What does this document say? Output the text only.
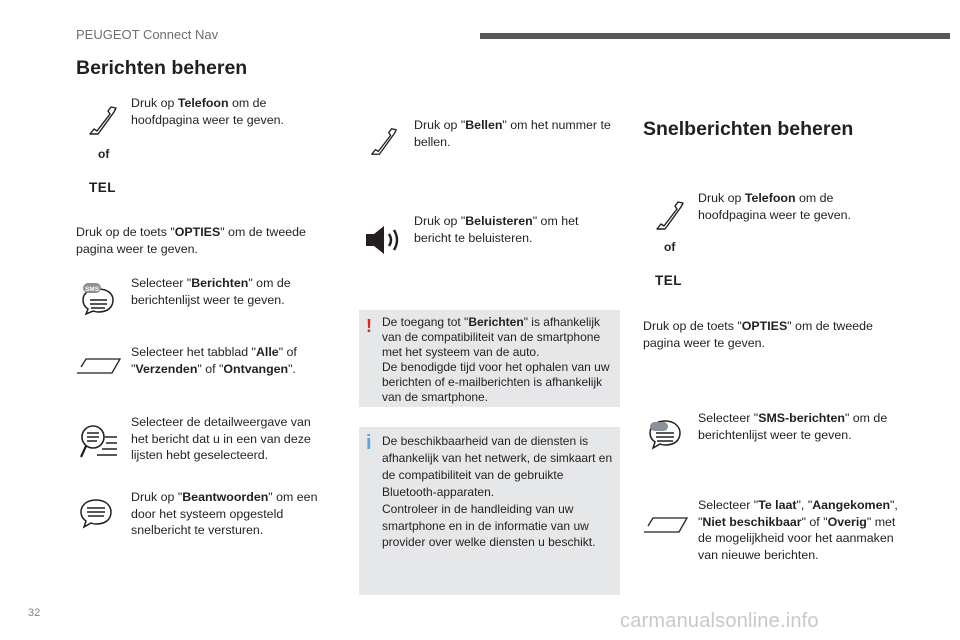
PEUGEOT Connect Nav
Berichten beheren
Druk op Telefoon om de hoofdpagina weer te geven.
of
TEL
Druk op de toets "OPTIES" om de tweede pagina weer te geven.
SMS	Selecteer "Berichten" om de berichtenlijst weer te geven.
Selecteer het tabblad "Alle" of "Verzenden" of "Ontvangen".
Selecteer de detailweergave van het bericht dat u in een van deze lijsten hebt geselecteerd.
Druk op "Beantwoorden" om een door het systeem opgesteld snelbericht te versturen.
Druk op "Bellen" om het nummer te bellen.
Druk op "Beluisteren" om het bericht te beluisteren.
! De toegang tot "Berichten" is afhankelijk van de compatibiliteit van de smartphone met het systeem van de auto.
De benodigde tijd voor het ophalen van uw berichten of e-mailberichten is afhankelijk van de smartphone.
i De beschikbaarheid van de diensten is afhankelijk van het netwerk, de simkaart en de compatibiliteit van de gebruikte Bluetooth-apparaten.
Controleer in de handleiding van uw smartphone en in de informatie van uw provider over welke diensten u beschikt.
Snelberichten beheren
Druk op Telefoon om de hoofdpagina weer te geven.
of
TEL
Druk op de toets "OPTIES" om de tweede pagina weer te geven.
Selecteer "SMS-berichten" om de berichtenlijst weer te geven.
Selecteer "Te laat", "Aangekomen", "Niet beschikbaar" of "Overig" met de mogelijkheid voor het aanmaken van nieuwe berichten.
32	carmanualsonline.info
